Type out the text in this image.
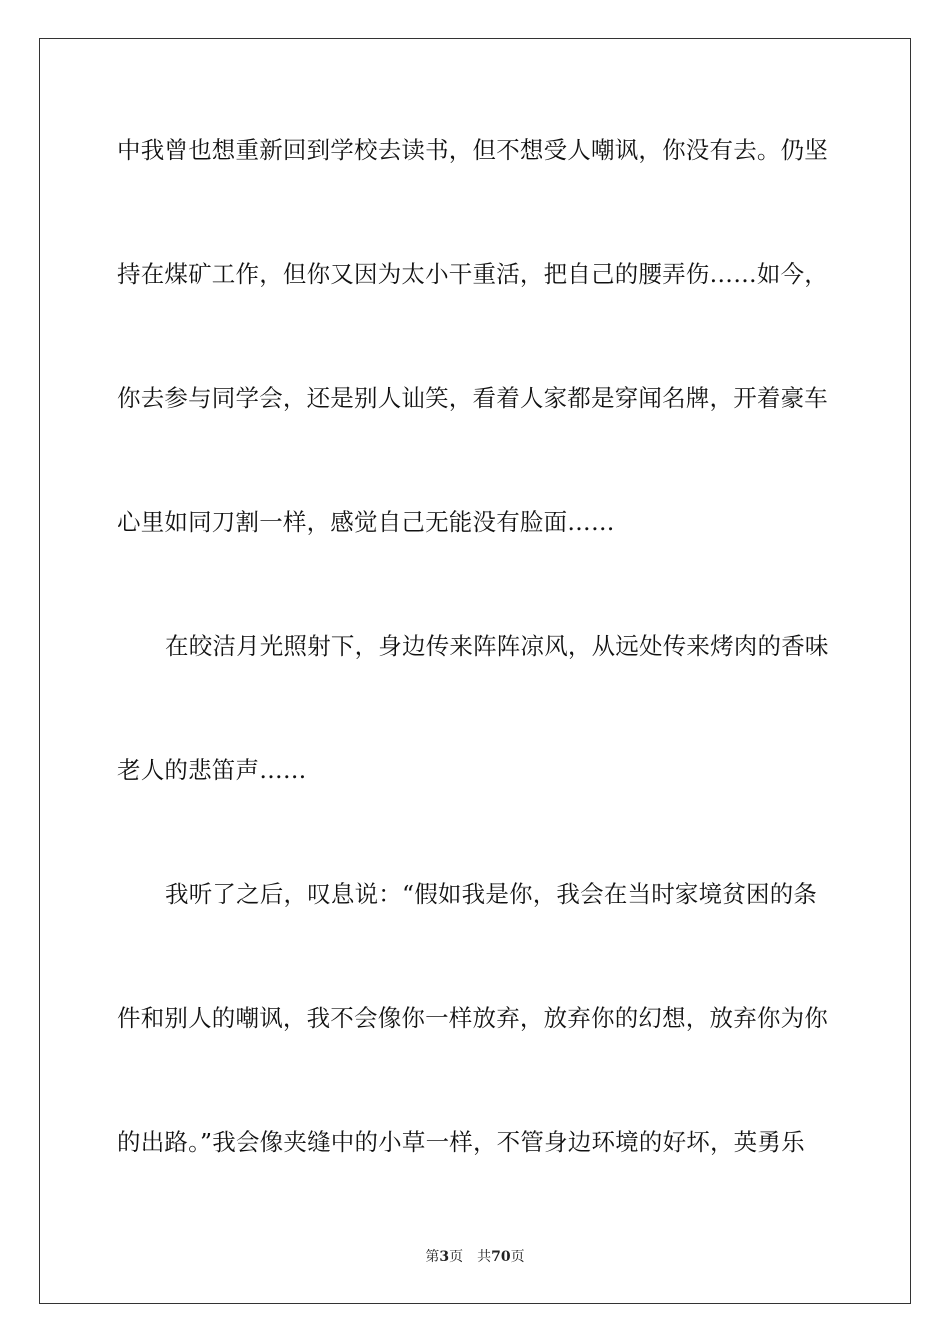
中我曾也想重新回到学校去读书，但不想受人嘲讽，你没有去。仍坚
持在煤矿工作，但你又因为太小干重活，把自己的腰弄伤……如今，
你去参与同学会，还是别人讪笑，看着人家都是穿闻名牌，开着豪车
心里如同刀割一样，感觉自己无能没有脸面……
在皎洁月光照射下，身边传来阵阵凉风，从远处传来烤肉的香味
老人的悲笛声……
我听了之后，叹息说：“假如我是你，我会在当时家境贫困的条
件和别人的嘲讽，我不会像你一样放弃，放弃你的幻想，放弃你为你
的出路。”我会像夹缝中的小草一样，不管身边环境的好坏，英勇乐
第3页 共70页
